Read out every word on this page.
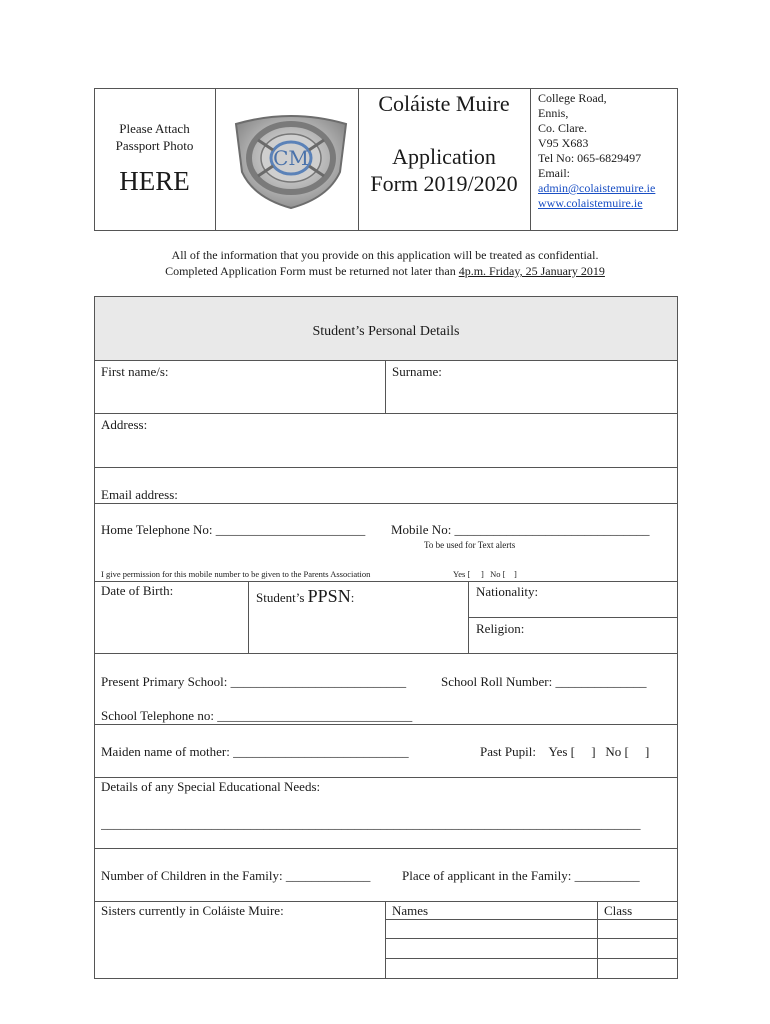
Please Attach
Passport Photo
HERE
CM
Coláiste Muire
Application
Form 2019/2020
College Road,
Ennis,
Co. Clare.
V95 X683
Tel No: 065-6829497
Email:
admin@colaistemuire.ie
www.colaistemuire.ie
All of the information that you provide on this application will be treated as confidential.
Completed Application Form must be returned not later than 4p.m. Friday, 25 January 2019
Student’s Personal Details
First name/s:	Surname:
Address:
Email address:
Home Telephone No: _______________________ Mobile No: ______________________________
To be used for Text alerts
I give permission for this mobile number to be given to the Parents Association	Yes [     ]   No [    ]
Date of Birth:	Student’s PPSN:	Nationality:
Religion:
Present Primary School: ___________________________	School Roll Number: ______________
School Telephone no: ______________________________
Maiden name of mother: ___________________________	Past Pupil:    Yes [     ]   No [     ]
Details of any Special Educational Needs:
___________________________________________________________________________________
Number of Children in the Family: _____________ Place of applicant in the Family: __________
Sisters currently in Coláiste Muire:	Names	Class
